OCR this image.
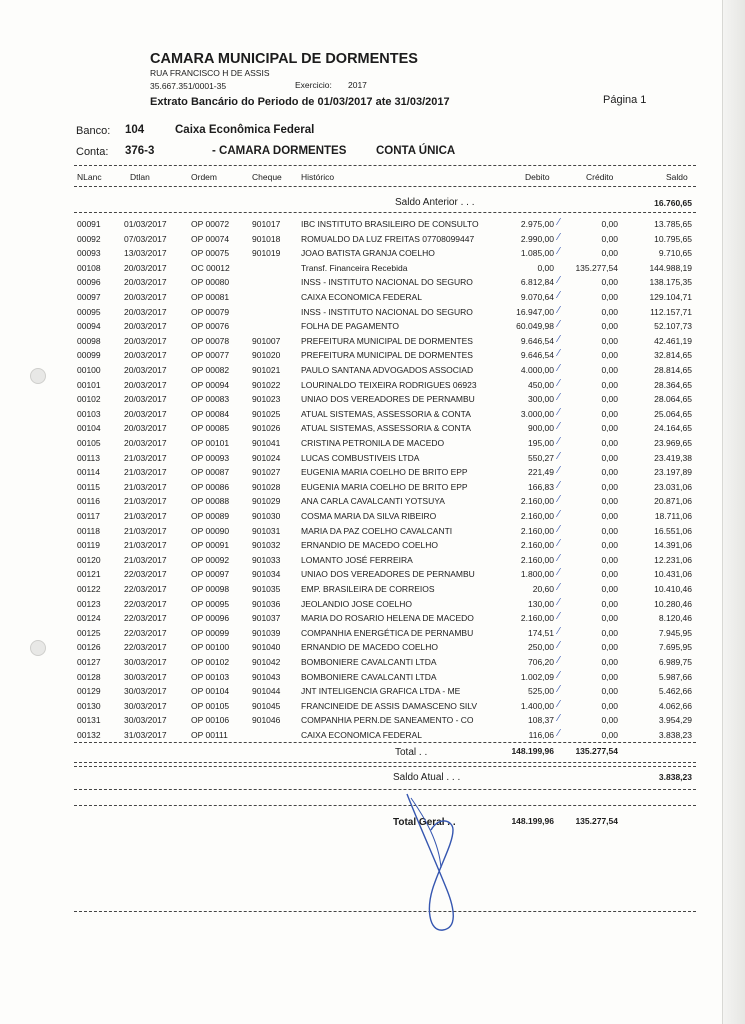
CAMARA MUNICIPAL DE DORMENTES
RUA FRANCISCO H DE ASSIS
35.667.351/0001-35	Exercicio: 2017
Extrato Bancário do Periodo de 01/03/2017 ate 31/03/2017	Página 1
Banco: 104	Caixa Econômica Federal
Conta: 376-3	- CAMARA DORMENTES	CONTA ÚNICA
NLanc	Dtlan	Ordem	Cheque Histórico	Debito	Crédito	Saldo
Saldo Anterior . . .	16.760,65
00091	01/03/2017	OP 00072	901017 IBC INSTITUTO BRASILEIRO DE CONSULTO	2.975,00	0,00	13.785,65
⁄
00092	07/03/2017	OP 00074	901018 ROMUALDO DA LUZ FREITAS 07708099447	2.990,00	0,00	10.795,65
⁄
00093	13/03/2017	OP 00075	901019 JOAO BATISTA GRANJA COELHO	1.085,00	0,00	9.710,65
⁄
00108	20/03/2017	OC 00012	Transf. Financeira Recebida	0,00	135.277,54	144.988,19
00096	20/03/2017	OP 00080	INSS - INSTITUTO NACIONAL DO SEGURO	6.812,84	0,00	138.175,35
⁄
00097	20/03/2017	OP 00081	CAIXA ECONOMICA FEDERAL	9.070,64	0,00	129.104,71
⁄
00095	20/03/2017	OP 00079	INSS - INSTITUTO NACIONAL DO SEGURO	16.947,00	0,00	112.157,71
⁄
00094	20/03/2017	OP 00076	FOLHA DE PAGAMENTO	60.049,98	0,00	52.107,73
⁄
00098	20/03/2017	OP 00078	901007 PREFEITURA MUNICIPAL DE DORMENTES	9.646,54	0,00	42.461,19
⁄
00099	20/03/2017	OP 00077	901020 PREFEITURA MUNICIPAL DE DORMENTES	9.646,54	0,00	32.814,65
⁄
00100	20/03/2017	OP 00082	901021 PAULO SANTANA ADVOGADOS ASSOCIAD	4.000,00	0,00	28.814,65
⁄
00101	20/03/2017	OP 00094	901022 LOURINALDO TEIXEIRA RODRIGUES 06923	450,00	0,00	28.364,65
⁄
00102	20/03/2017	OP 00083	901023 UNIAO DOS VEREADORES DE PERNAMBU	300,00	0,00	28.064,65
⁄
00103	20/03/2017	OP 00084	901025 ATUAL SISTEMAS, ASSESSORIA & CONTA	3.000,00	0,00	25.064,65
⁄
00104	20/03/2017	OP 00085	901026 ATUAL SISTEMAS, ASSESSORIA & CONTA	900,00	0,00	24.164,65
⁄
00105	20/03/2017	OP 00101	901041 CRISTINA PETRONILA DE MACEDO	195,00	0,00	23.969,65
⁄
00113	21/03/2017	OP 00093	901024 LUCAS COMBUSTIVEIS LTDA	550,27	0,00	23.419,38
⁄
00114	21/03/2017	OP 00087	901027 EUGENIA MARIA COELHO DE BRITO EPP	221,49	0,00	23.197,89
⁄
00115	21/03/2017	OP 00086	901028 EUGENIA MARIA COELHO DE BRITO EPP	166,83	0,00	23.031,06
⁄
00116	21/03/2017	OP 00088	901029 ANA CARLA CAVALCANTI YOTSUYA	2.160,00	0,00	20.871,06
⁄
00117	21/03/2017	OP 00089	901030 COSMA MARIA DA SILVA RIBEIRO	2.160,00	0,00	18.711,06
⁄
00118	21/03/2017	OP 00090	901031 MARIA DA PAZ COELHO CAVALCANTI	2.160,00	0,00	16.551,06
⁄
00119	21/03/2017	OP 00091	901032 ERNANDIO DE MACEDO COELHO	2.160,00	0,00	14.391,06
⁄
00120	21/03/2017	OP 00092	901033 LOMANTO JOSÉ FERREIRA	2.160,00	0,00	12.231,06
⁄
00121	22/03/2017	OP 00097	901034 UNIAO DOS VEREADORES DE PERNAMBU	1.800,00	0,00	10.431,06
⁄
00122	22/03/2017	OP 00098	901035 EMP. BRASILEIRA DE CORREIOS	20,60	0,00	10.410,46
⁄
00123	22/03/2017	OP 00095	901036 JEOLANDIO JOSE COELHO	130,00	0,00	10.280,46
⁄
00124	22/03/2017	OP 00096	901037 MARIA DO ROSARIO HELENA DE MACEDO	2.160,00	0,00	8.120,46
⁄
00125	22/03/2017	OP 00099	901039 COMPANHIA ENERGÉTICA DE PERNAMBU	174,51	0,00	7.945,95
⁄
00126	22/03/2017	OP 00100	901040 ERNANDIO DE MACEDO COELHO	250,00	0,00	7.695,95
⁄
00127	30/03/2017	OP 00102	901042 BOMBONIERE CAVALCANTI LTDA	706,20	0,00	6.989,75
⁄
00128	30/03/2017	OP 00103	901043 BOMBONIERE CAVALCANTI LTDA	1.002,09	0,00	5.987,66
⁄
00129	30/03/2017	OP 00104	901044 JNT INTELIGENCIA GRAFICA LTDA - ME	525,00	0,00	5.462,66
⁄
00130	30/03/2017	OP 00105	901045 FRANCINEIDE DE ASSIS DAMASCENO SILV	1.400,00	0,00	4.062,66
⁄
00131	30/03/2017	OP 00106	901046 COMPANHIA PERN.DE SANEAMENTO - CO	108,37	0,00	3.954,29
⁄
00132	31/03/2017	OP 00111	CAIXA ECONOMICA FEDERAL	116,06	0,00	3.838,23
⁄
Total . .	148.199,96	135.277,54
Saldo Atual . . .	3.838,23
Total Geral . .	148.199,96	135.277,54
